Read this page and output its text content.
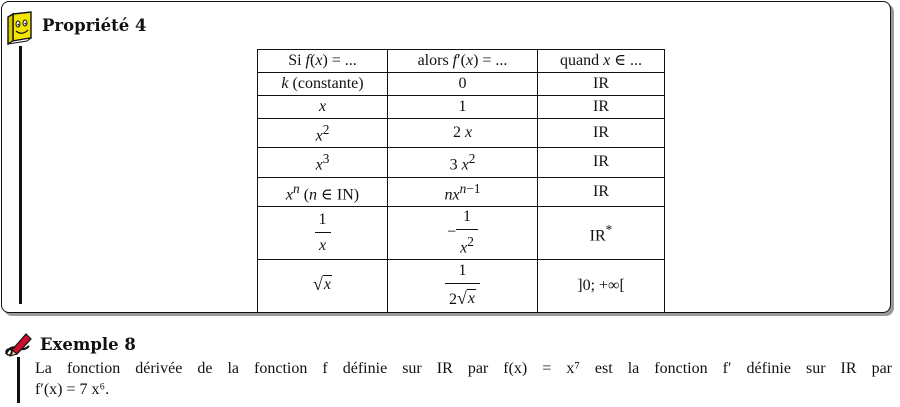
Propriété 4
Si f(x) = ...	alors f′(x) = ...	quand x ∈ ...
k (constante)	0	IR
x	1	IR
$x^2$	2 x	IR
$x^3$	3 $x^2$	IR
$x^n$ (n ∈ IN)	$nx^{n-1}$	IR

$\frac{1}{x}$	− $\frac{1}{x^2}$	IR*

√ x	$\frac{1}{2 √ x}$	]0; +∞[
Exemple 8
La fonction dérivée de la fonction f définie sur IR par f(x) = x⁷ est la fonction f′ définie sur IR par
f′(x) = 7 x⁶.
